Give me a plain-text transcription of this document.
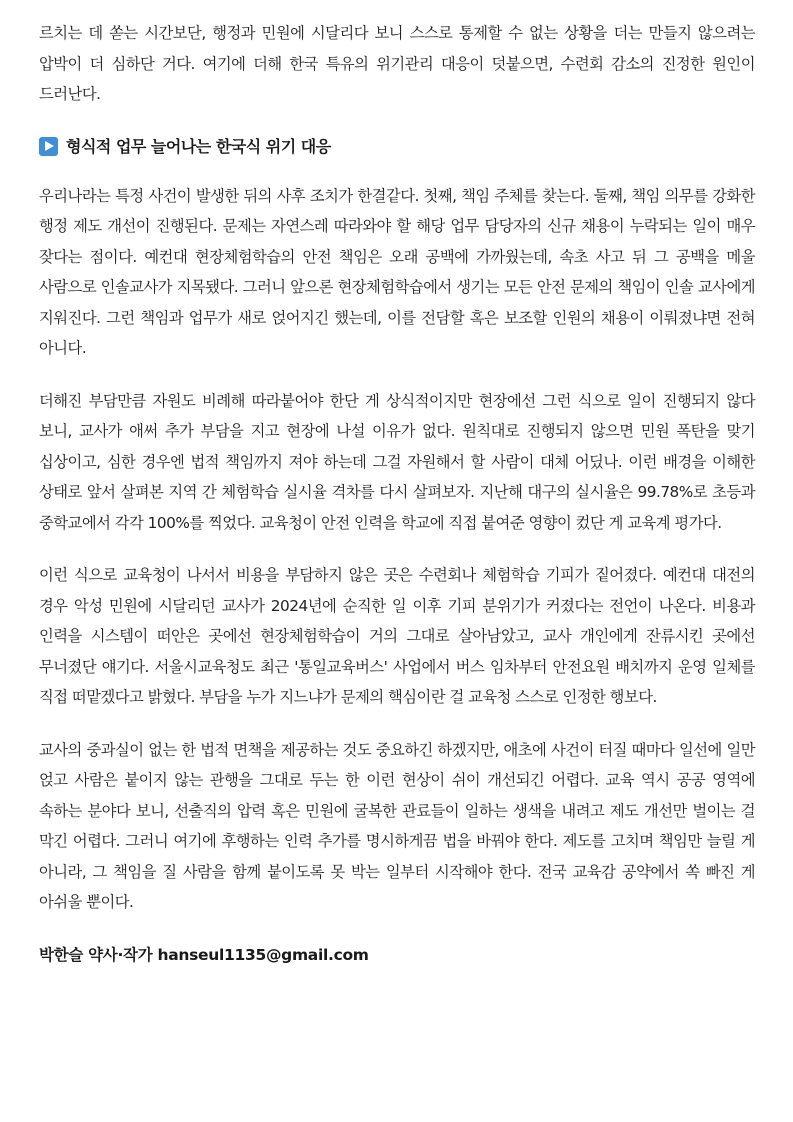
르치는 데 쏟는 시간보단, 행정과 민원에 시달리다 보니 스스로 통제할 수 없는 상황을 더는 만들지 않으려는 압박이 더 심하단 거다. 여기에 더해 한국 특유의 위기관리 대응이 덧붙으면, 수련회 감소의 진정한 원인이 드러난다.

형식적 업무 늘어나는 한국식 위기 대응

우리나라는 특정 사건이 발생한 뒤의 사후 조치가 한결같다. 첫째, 책임 주체를 찾는다. 둘째, 책임 의무를 강화한 행정 제도 개선이 진행된다. 문제는 자연스레 따라와야 할 해당 업무 담당자의 신규 채용이 누락되는 일이 매우 잦다는 점이다. 예컨대 현장체험학습의 안전 책임은 오래 공백에 가까웠는데, 속초 사고 뒤 그 공백을 메울 사람으로 인솔교사가 지목됐다. 그러니 앞으론 현장체험학습에서 생기는 모든 안전 문제의 책임이 인솔 교사에게 지워진다. 그런 책임과 업무가 새로 얹어지긴 했는데, 이를 전담할 혹은 보조할 인원의 채용이 이뤄졌냐면 전혀 아니다.

더해진 부담만큼 자원도 비례해 따라붙어야 한단 게 상식적이지만 현장에선 그런 식으로 일이 진행되지 않다 보니, 교사가 애써 추가 부담을 지고 현장에 나설 이유가 없다. 원칙대로 진행되지 않으면 민원 폭탄을 맞기 십상이고, 심한 경우엔 법적 책임까지 져야 하는데 그걸 자원해서 할 사람이 대체 어딨나. 이런 배경을 이해한 상태로 앞서 살펴본 지역 간 체험학습 실시율 격차를 다시 살펴보자. 지난해 대구의 실시율은 99.78%로 초등과 중학교에서 각각 100%를 찍었다. 교육청이 안전 인력을 학교에 직접 붙여준 영향이 컸단 게 교육계 평가다.

이런 식으로 교육청이 나서서 비용을 부담하지 않은 곳은 수련회나 체험학습 기피가 짙어졌다. 예컨대 대전의 경우 악성 민원에 시달리던 교사가 2024년에 순직한 일 이후 기피 분위기가 커졌다는 전언이 나온다. 비용과 인력을 시스템이 떠안은 곳에선 현장체험학습이 거의 그대로 살아남았고, 교사 개인에게 잔류시킨 곳에선 무너졌단 얘기다. 서울시교육청도 최근 '통일교육버스' 사업에서 버스 임차부터 안전요원 배치까지 운영 일체를 직접 떠맡겠다고 밝혔다. 부담을 누가 지느냐가 문제의 핵심이란 걸 교육청 스스로 인정한 행보다.

교사의 중과실이 없는 한 법적 면책을 제공하는 것도 중요하긴 하겠지만, 애초에 사건이 터질 때마다 일선에 일만 얹고 사람은 붙이지 않는 관행을 그대로 두는 한 이런 현상이 쉬이 개선되긴 어렵다. 교육 역시 공공 영역에 속하는 분야다 보니, 선출직의 압력 혹은 민원에 굴복한 관료들이 일하는 생색을 내려고 제도 개선만 벌이는 걸 막긴 어렵다. 그러니 여기에 후행하는 인력 추가를 명시하게끔 법을 바꿔야 한다. 제도를 고치며 책임만 늘릴 게 아니라, 그 책임을 질 사람을 함께 붙이도록 못 박는 일부터 시작해야 한다. 전국 교육감 공약에서 쏙 빠진 게 아쉬울 뿐이다.

박한슬 약사·작가 hanseul1135@gmail.com
